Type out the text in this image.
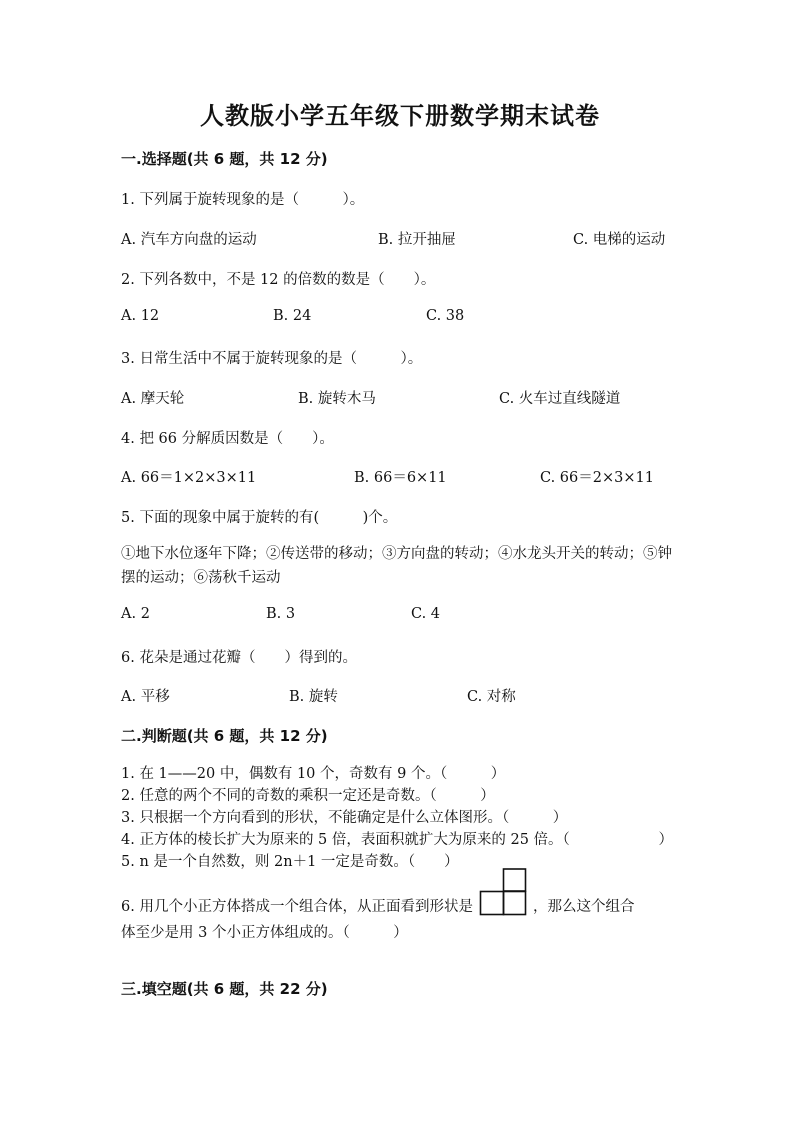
人教版小学五年级下册数学期末试卷
一.选择题(共 6 题，共 12 分)
1. 下列属于旋转现象的是（　　　）。
A. 汽车方向盘的运动	B. 拉开抽屉	C. 电梯的运动
2. 下列各数中，不是 12 的倍数的数是（　　）。
A. 12	B. 24	C. 38
3. 日常生活中不属于旋转现象的是（　　　）。
A. 摩天轮	B. 旋转木马	C. 火车过直线隧道
4. 把 66 分解质因数是（　　）。
A. 66＝1×2×3×11	B. 66＝6×11	C. 66＝2×3×11
5. 下面的现象中属于旋转的有(　　　)个。
①地下水位逐年下降；②传送带的移动；③方向盘的转动；④水龙头开关的转动；⑤钟摆的运动；⑥荡秋千运动
A. 2	B. 3	C. 4
6. 花朵是通过花瓣（　　）得到的。
A. 平移	B. 旋转	C. 对称
二.判断题(共 6 题，共 12 分)
1. 在 1——20 中，偶数有 10 个，奇数有 9 个。（　　　）
2. 任意的两个不同的奇数的乘积一定还是奇数。（　　　）
3. 只根据一个方向看到的形状，不能确定是什么立体图形。（　　　）
4. 正方体的棱长扩大为原来的 5 倍，表面积就扩大为原来的 25 倍。（	）
5. n 是一个自然数，则 2n＋1 一定是奇数。（　　）
6. 用几个小正方体搭成一个组合体，从正面看到形状是	，那么这个组合
体至少是用 3 个小正方体组成的。（　　　）
三.填空题(共 6 题，共 22 分)
